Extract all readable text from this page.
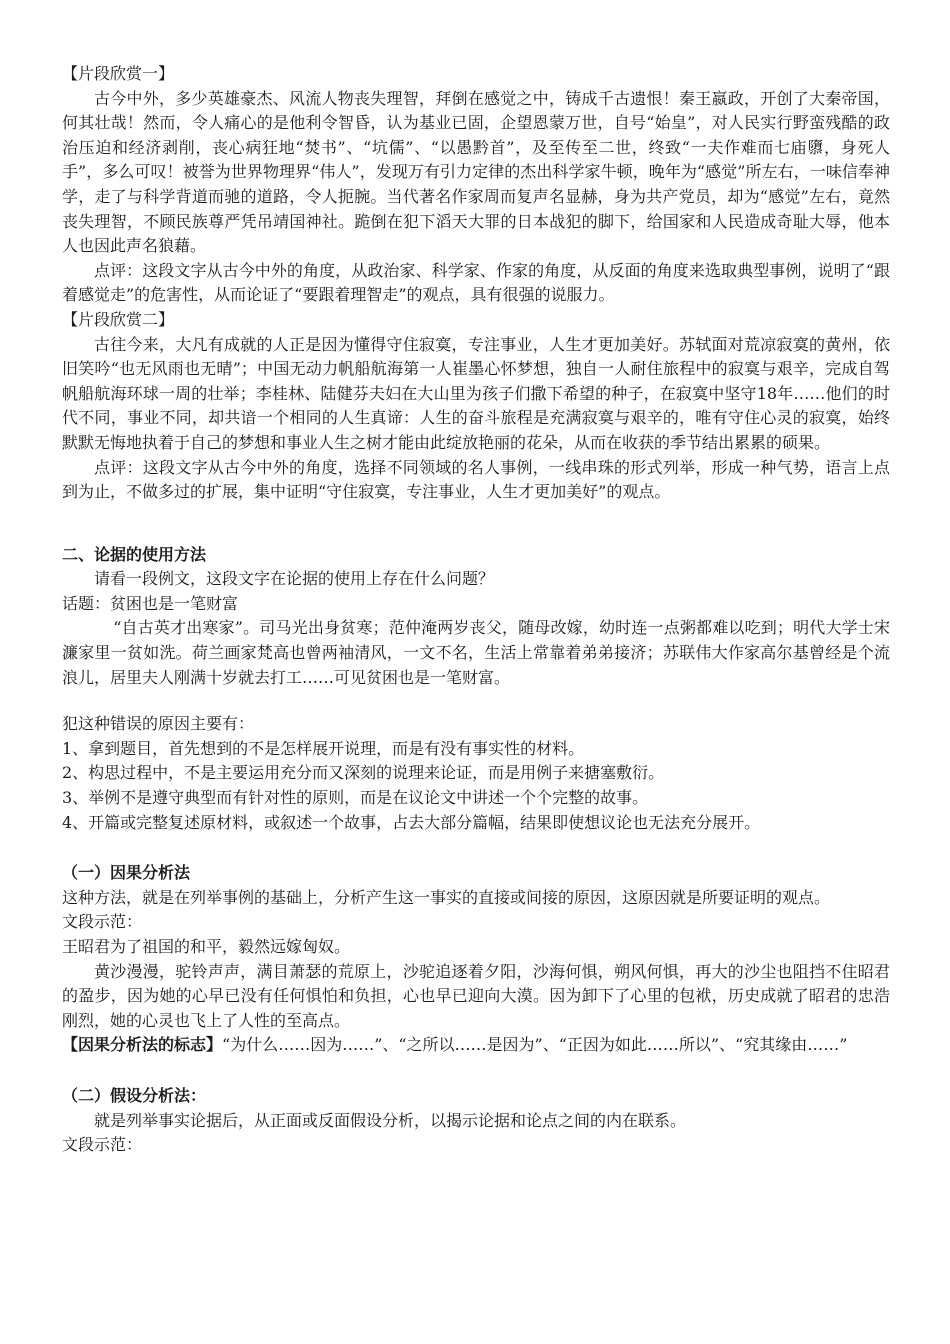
【片段欣赏一】

古今中外，多少英雄豪杰、风流人物丧失理智，拜倒在感觉之中，铸成千古遗恨！秦王嬴政，开创了大秦帝国，何其壮哉！然而，令人痛心的是他利令智昏，认为基业已固，企望恩蒙万世，自号“始皇”，对人民实行野蛮残酷的政治压迫和经济剥削，丧心病狂地“焚书”、“坑儒”、“以愚黔首”，及至传至二世，终致“一夫作难而七庙隳，身死人手”，多么可叹！被誉为世界物理界“伟人”，发现万有引力定律的杰出科学家牛顿，晚年为“感觉”所左右，一味信奉神学，走了与科学背道而驰的道路，令人扼腕。当代著名作家周而复声名显赫，身为共产党员，却为“感觉”左右，竟然丧失理智，不顾民族尊严凭吊靖国神社。跪倒在犯下滔天大罪的日本战犯的脚下，给国家和人民造成奇耻大辱，他本人也因此声名狼藉。

点评：这段文字从古今中外的角度，从政治家、科学家、作家的角度，从反面的角度来选取典型事例，说明了“跟着感觉走”的危害性，从而论证了“要跟着理智走”的观点，具有很强的说服力。

【片段欣赏二】

古往今来，大凡有成就的人正是因为懂得守住寂寞，专注事业，人生才更加美好。苏轼面对荒凉寂寞的黄州，依旧笑吟“也无风雨也无晴”；中国无动力帆船航海第一人崔墨心怀梦想，独自一人耐住旅程中的寂寞与艰辛，完成自驾帆船航海环球一周的壮举；李桂林、陆健芬夫妇在大山里为孩子们撒下希望的种子，在寂寞中坚守18年……他们的时代不同，事业不同，却共谙一个相同的人生真谛：人生的奋斗旅程是充满寂寞与艰辛的，唯有守住心灵的寂寞，始终默默无悔地执着于自己的梦想和事业人生之树才能由此绽放艳丽的花朵，从而在收获的季节结出累累的硕果。

点评：这段文字从古今中外的角度，选择不同领域的名人事例，一线串珠的形式列举，形成一种气势，语言上点到为止，不做多过的扩展，集中证明“守住寂寞，专注事业，人生才更加美好”的观点。

二、论据的使用方法

请看一段例文，这段文字在论据的使用上存在什么问题？

话题：贫困也是一笔财富

“自古英才出寒家”。司马光出身贫寒；范仲淹两岁丧父，随母改嫁，幼时连一点粥都难以吃到；明代大学士宋濂家里一贫如洗。荷兰画家梵高也曾两袖清风，一文不名，生活上常靠着弟弟接济；苏联伟大作家高尔基曾经是个流浪儿，居里夫人刚满十岁就去打工……可见贫困也是一笔财富。

犯这种错误的原因主要有：

1、拿到题目，首先想到的不是怎样展开说理，而是有没有事实性的材料。

2、构思过程中，不是主要运用充分而又深刻的说理来论证，而是用例子来搪塞敷衍。

3、举例不是遵守典型而有针对性的原则，而是在议论文中讲述一个个完整的故事。

4、开篇或完整复述原材料，或叙述一个故事，占去大部分篇幅，结果即使想议论也无法充分展开。

（一）因果分析法

这种方法，就是在列举事例的基础上，分析产生这一事实的直接或间接的原因，这原因就是所要证明的观点。

文段示范：

王昭君为了祖国的和平，毅然远嫁匈奴。

黄沙漫漫，驼铃声声，满目萧瑟的荒原上，沙驼追逐着夕阳，沙海何惧，朔风何惧，再大的沙尘也阻挡不住昭君的盈步，因为她的心早已没有任何惧怕和负担，心也早已迎向大漠。因为卸下了心里的包袱，历史成就了昭君的忠浩刚烈，她的心灵也飞上了人性的至高点。

【因果分析法的标志】“为什么……因为……”、“之所以……是因为”、“正因为如此……所以”、“究其缘由……”

（二）假设分析法：

就是列举事实论据后，从正面或反面假设分析，以揭示论据和论点之间的内在联系。

文段示范：
